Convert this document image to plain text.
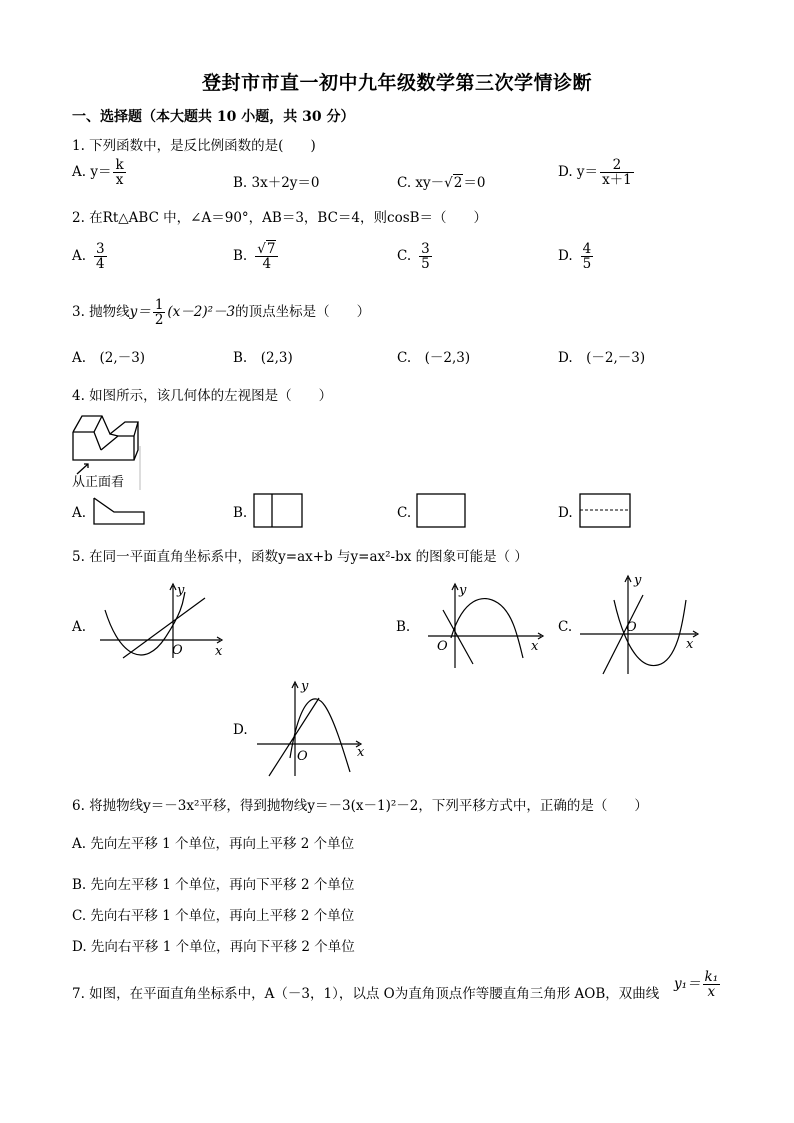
登封市市直一初中九年级数学第三次学情诊断
一、选择题（本大题共 10 小题，共 30 分）
1. 下列函数中，是反比例函数的是(　　)
A. $y= \frac{k}{x}$	B. 3x＋2y＝0	C. xy－√2＝0
D. $y= \frac{2}{x+1}$
2. 在Rt△ABC 中，∠A＝90°，AB＝3，BC＝4，则cosB＝（　　）
A. $\frac{3}{4}$	B. $\frac{√7}{4}$	C. $\frac{3}{5}$	D. $\frac{4}{5}$
3. 抛物线$y= \frac{1}{2} (x-2)^2-3$的顶点坐标是（　　）
A.　(2,－3)	B.　(2,3)	C.　(－2,3)	D.　(－2,－3)
4. 如图所示，该几何体的左视图是（　　）
从正面看
A.	B.	C.	D.
5. 在同一平面直角坐标系中，函数y=ax+b 与y=ax²-bx 的图象可能是（ ）
A.
x
y
O
B.
x
y
O
C.
x
y
O
D.
x
y
O
6. 将抛物线y＝－3x²平移，得到抛物线y＝－3(x－1)²－2，下列平移方式中，正确的是（　　）
A. 先向左平移 1 个单位，再向上平移 2 个单位
B. 先向左平移 1 个单位，再向下平移 2 个单位
C. 先向右平移 1 个单位，再向上平移 2 个单位
D. 先向右平移 1 个单位，再向下平移 2 个单位
7. 如图，在平面直角坐标系中，A（－3，1），以点 O为直角顶点作等腰直角三角形 AOB，双曲线
$y_1= \frac{\text{k₁}}{x}$
